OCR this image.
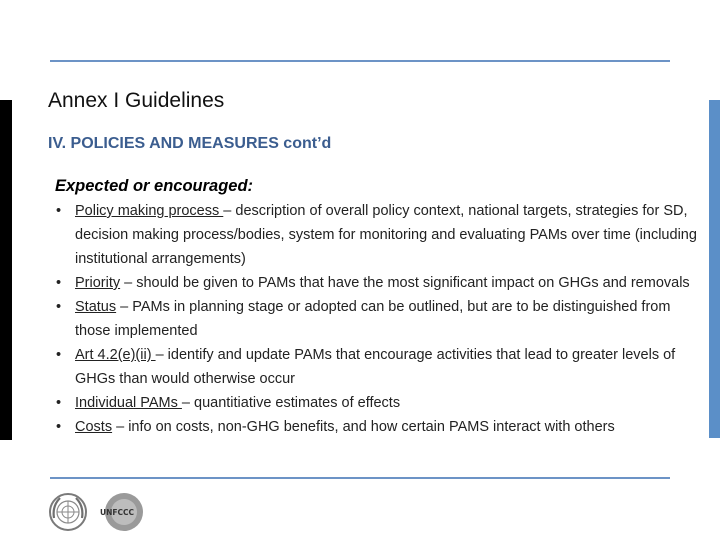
Annex I Guidelines
IV. POLICIES AND MEASURES cont’d

Expected or encouraged:

• Policy making process – description of overall policy context, national targets, strategies for SD, decision making process/bodies, system for monitoring and evaluating PAMs over time (including institutional arrangements)
• Priority – should be given to PAMs that have the most significant impact on GHGs and removals
• Status – PAMs in planning stage or adopted can be outlined, but are to be distinguished from those implemented
• Art 4.2(e)(ii) – identify and update PAMs that encourage activities that lead to greater levels of GHGs than would otherwise occur
• Individual PAMs – quantitiative estimates of effects
• Costs – info on costs, non-GHG benefits, and how certain PAMS interact with others
UNFCCC
